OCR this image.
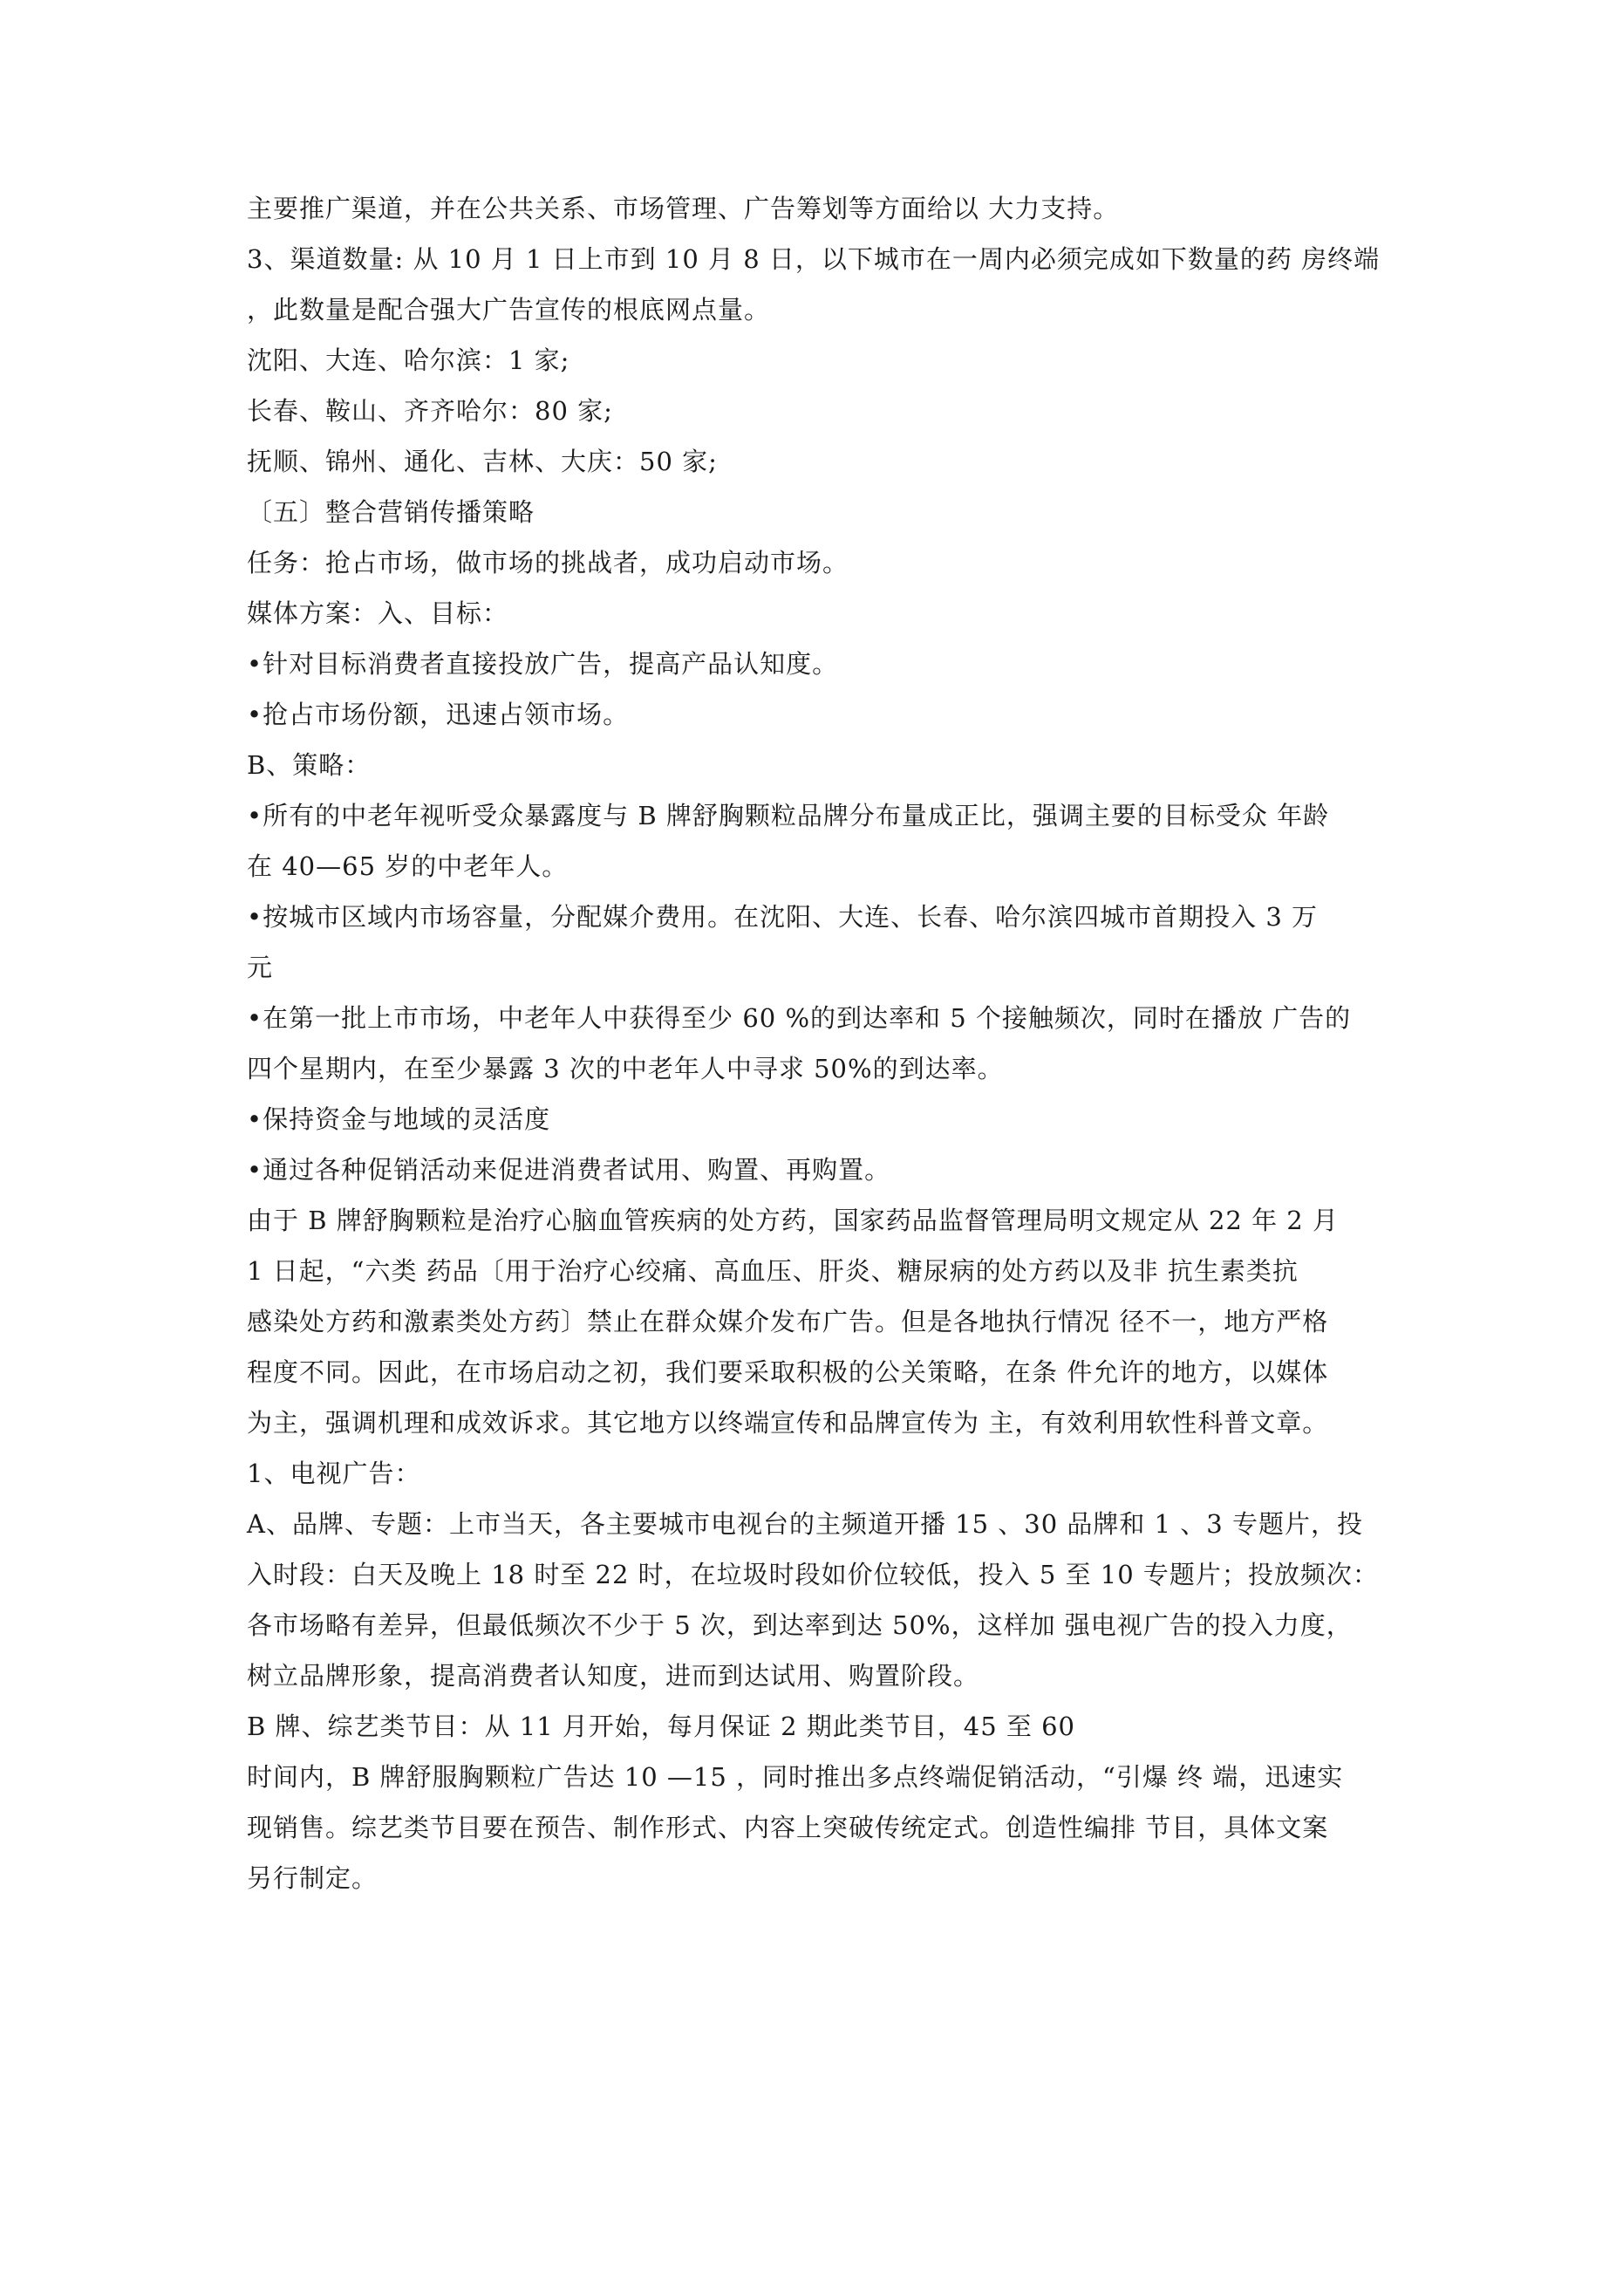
主要推广渠道，并在公共关系、市场管理、广告筹划等方面给以 大力支持。
3、渠道数量: 从 10 月 1 日上市到 10 月 8 日，以下城市在一周内必须完成如下数量的药 房终端
，此数量是配合强大广告宣传的根底网点量。
沈阳、大连、哈尔滨：1 家;
长春、鞍山、齐齐哈尔：80 家;
抚顺、锦州、通化、吉林、大庆：50 家;
〔五〕整合营销传播策略
任务：抢占市场，做市场的挑战者，成功启动市场。
媒体方案：入、目标：
•针对目标消费者直接投放广告，提高产品认知度。
•抢占市场份额，迅速占领市场。
B、策略：
•所有的中老年视听受众暴露度与 B 牌舒胸颗粒品牌分布量成正比，强调主要的目标受众 年龄
在 40—65 岁的中老年人。
•按城市区域内市场容量，分配媒介费用。在沈阳、大连、长春、哈尔滨四城市首期投入 3 万
元
•在第一批上市市场，中老年人中获得至少 60 %的到达率和 5 个接触频次，同时在播放 广告的
四个星期内，在至少暴露 3 次的中老年人中寻求 50%的到达率。
•保持资金与地域的灵活度
•通过各种促销活动来促进消费者试用、购置、再购置。
由于 B 牌舒胸颗粒是治疗心脑血管疾病的处方药，国家药品监督管理局明文规定从 22 年 2 月
1 日起，“六类 药品〔用于治疗心绞痛、高血压、肝炎、糖尿病的处方药以及非 抗生素类抗
感染处方药和激素类处方药〕禁止在群众媒介发布广告。但是各地执行情况 径不一，地方严格
程度不同。因此，在市场启动之初，我们要采取积极的公关策略，在条 件允许的地方，以媒体
为主，强调机理和成效诉求。其它地方以终端宣传和品牌宣传为 主，有效利用软性科普文章。
1、电视广告：
A、品牌、专题：上市当天，各主要城市电视台的主频道开播 15 、30 品牌和 1 、3 专题片，投
入时段：白天及晚上 18 时至 22 时，在垃圾时段如价位较低，投入 5 至 10 专题片；投放频次：
各市场略有差异，但最低频次不少于 5 次，到达率到达 50%，这样加 强电视广告的投入力度，
树立品牌形象，提高消费者认知度，进而到达试用、购置阶段。
B 牌、综艺类节目：从 11 月开始，每月保证 2 期此类节目，45 至 60
时间内，B 牌舒服胸颗粒广告达 10 —15 ，同时推出多点终端促销活动，“引爆 终 端，迅速实
现销售。综艺类节目要在预告、制作形式、内容上突破传统定式。创造性编排 节目，具体文案
另行制定。
